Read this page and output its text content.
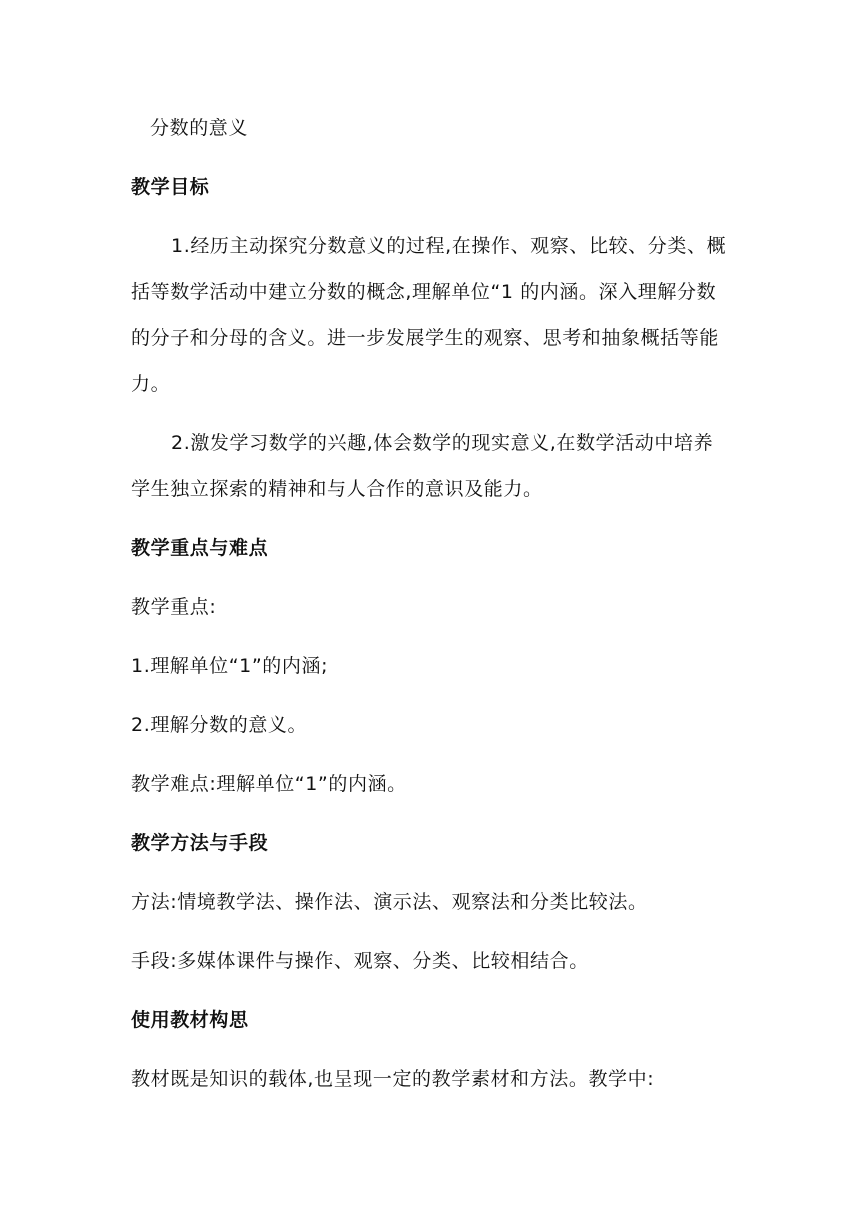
分数的意义
教学目标
1.经历主动探究分数意义的过程,在操作、观察、比较、分类、概
括等数学活动中建立分数的概念,理解单位“1 的内涵。深入理解分数
的分子和分母的含义。进一步发展学生的观察、思考和抽象概括等能
力。
2.激发学习数学的兴趣,体会数学的现实意义,在数学活动中培养
学生独立探索的精神和与人合作的意识及能力。
教学重点与难点
教学重点:
1.理解单位“1”的内涵;
2.理解分数的意义。
教学难点:理解单位“1”的内涵。
教学方法与手段
方法:情境教学法、操作法、演示法、观察法和分类比较法。
手段:多媒体课件与操作、观察、分类、比较相结合。
使用教材构思
教材既是知识的载体,也呈现一定的教学素材和方法。教学中:
